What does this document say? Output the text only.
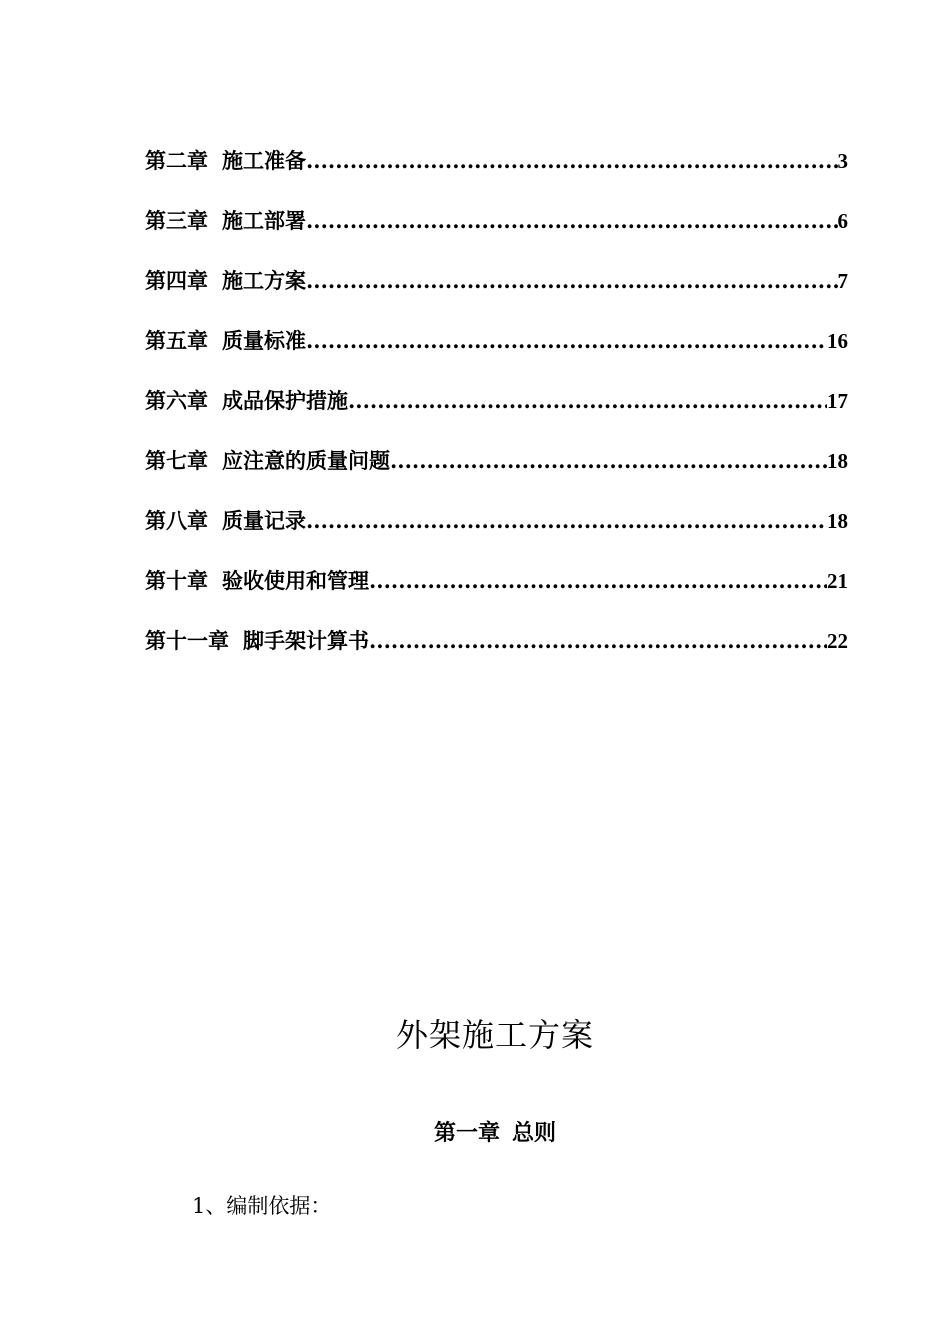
第二章 施工准备 .....	3
第三章 施工部署 .....	6
第四章 施工方案 .....	7
第五章 质量标准 .....	16
第六章 成品保护措施 .....	17
第七章 应注意的质量问题 .....	18
第八章 质量记录 .....	18
第十章 验收使用和管理 .....	21
第十一章 脚手架计算书 .....	22
外架施工方案
第一章 总则
1、编制依据：
